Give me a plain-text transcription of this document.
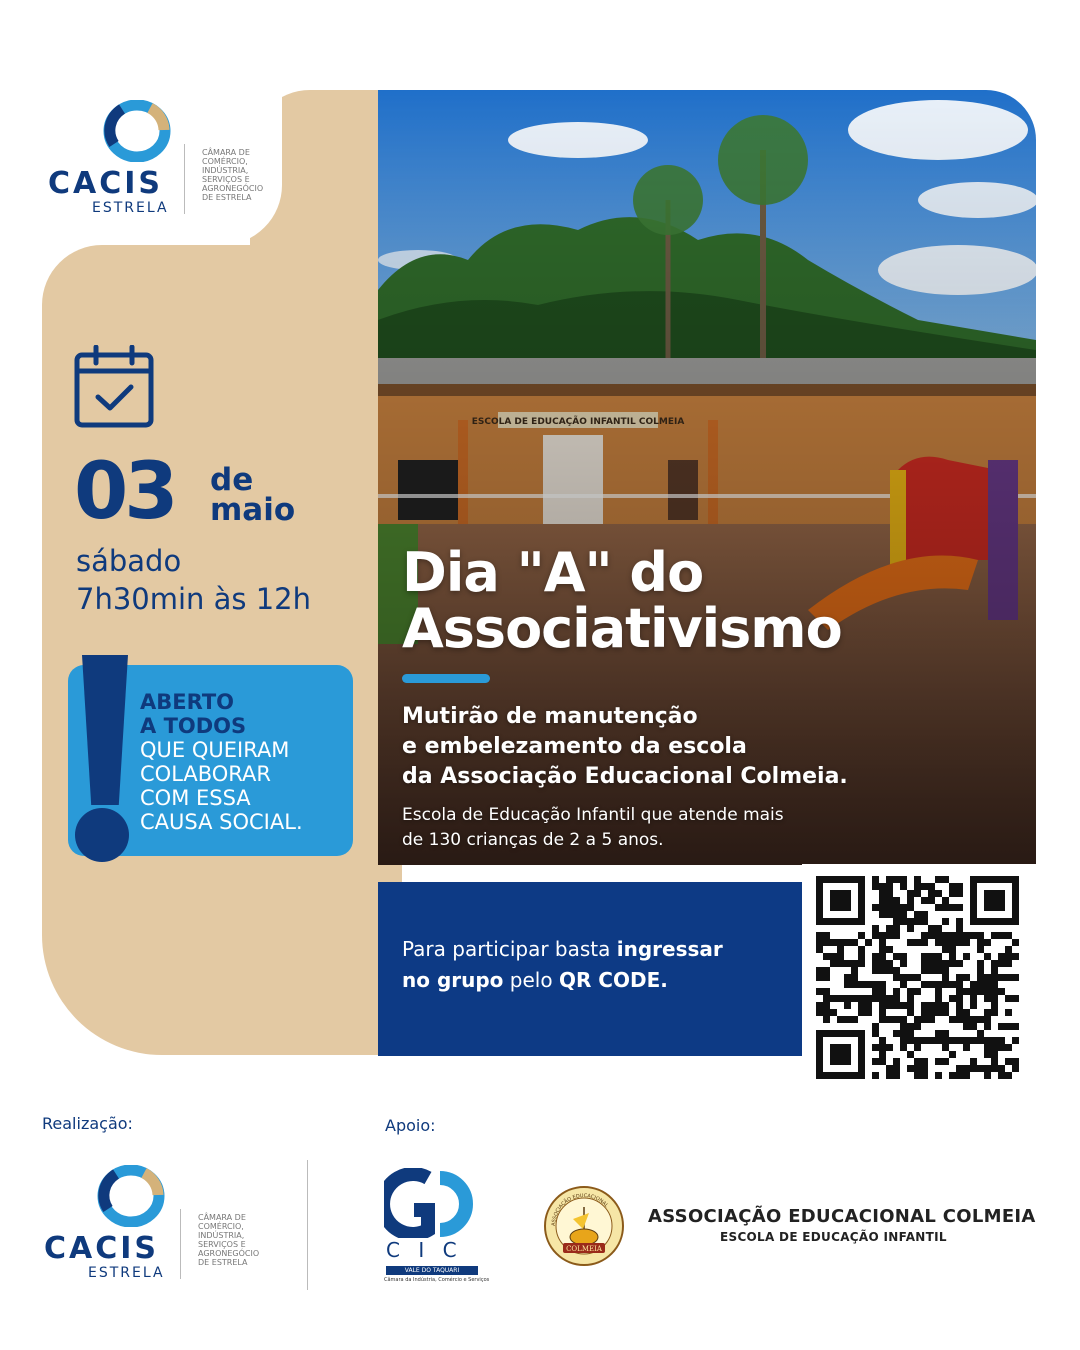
CACIS
ESTRELA
CÂMARA DE
COMÉRCIO,
INDÚSTRIA,
SERVIÇOS E
AGRONEGÓCIO
DE ESTRELA
03 de
maio
sábado
7h30min às 12h
ABERTO
A TODOS
QUE QUEIRAM
COLABORAR
COM ESSA
CAUSA SOCIAL.
Dia "A" do
Associativismo
Mutirão de manutenção
e embelezamento da escola
da Associação Educacional Colmeia.
Escola de Educação Infantil que atende mais
de 130 crianças de 2 a 5 anos.
Para participar basta ingressar
no grupo pelo QR CODE.
Realização:	Apoio:
CACIS
ESTRELA
CÂMARA DE
COMÉRCIO,
INDÚSTRIA,
SERVIÇOS E
AGRONEGÓCIO
DE ESTRELA
C I C
VALE DO TAQUARI
Câmara da Indústria, Comércio e Serviços
ASSOCIAÇÃO EDUCACIONAL
COLMEIA
ASSOCIAÇÃO EDUCACIONAL COLMEIA
ESCOLA DE EDUCAÇÃO INFANTIL
